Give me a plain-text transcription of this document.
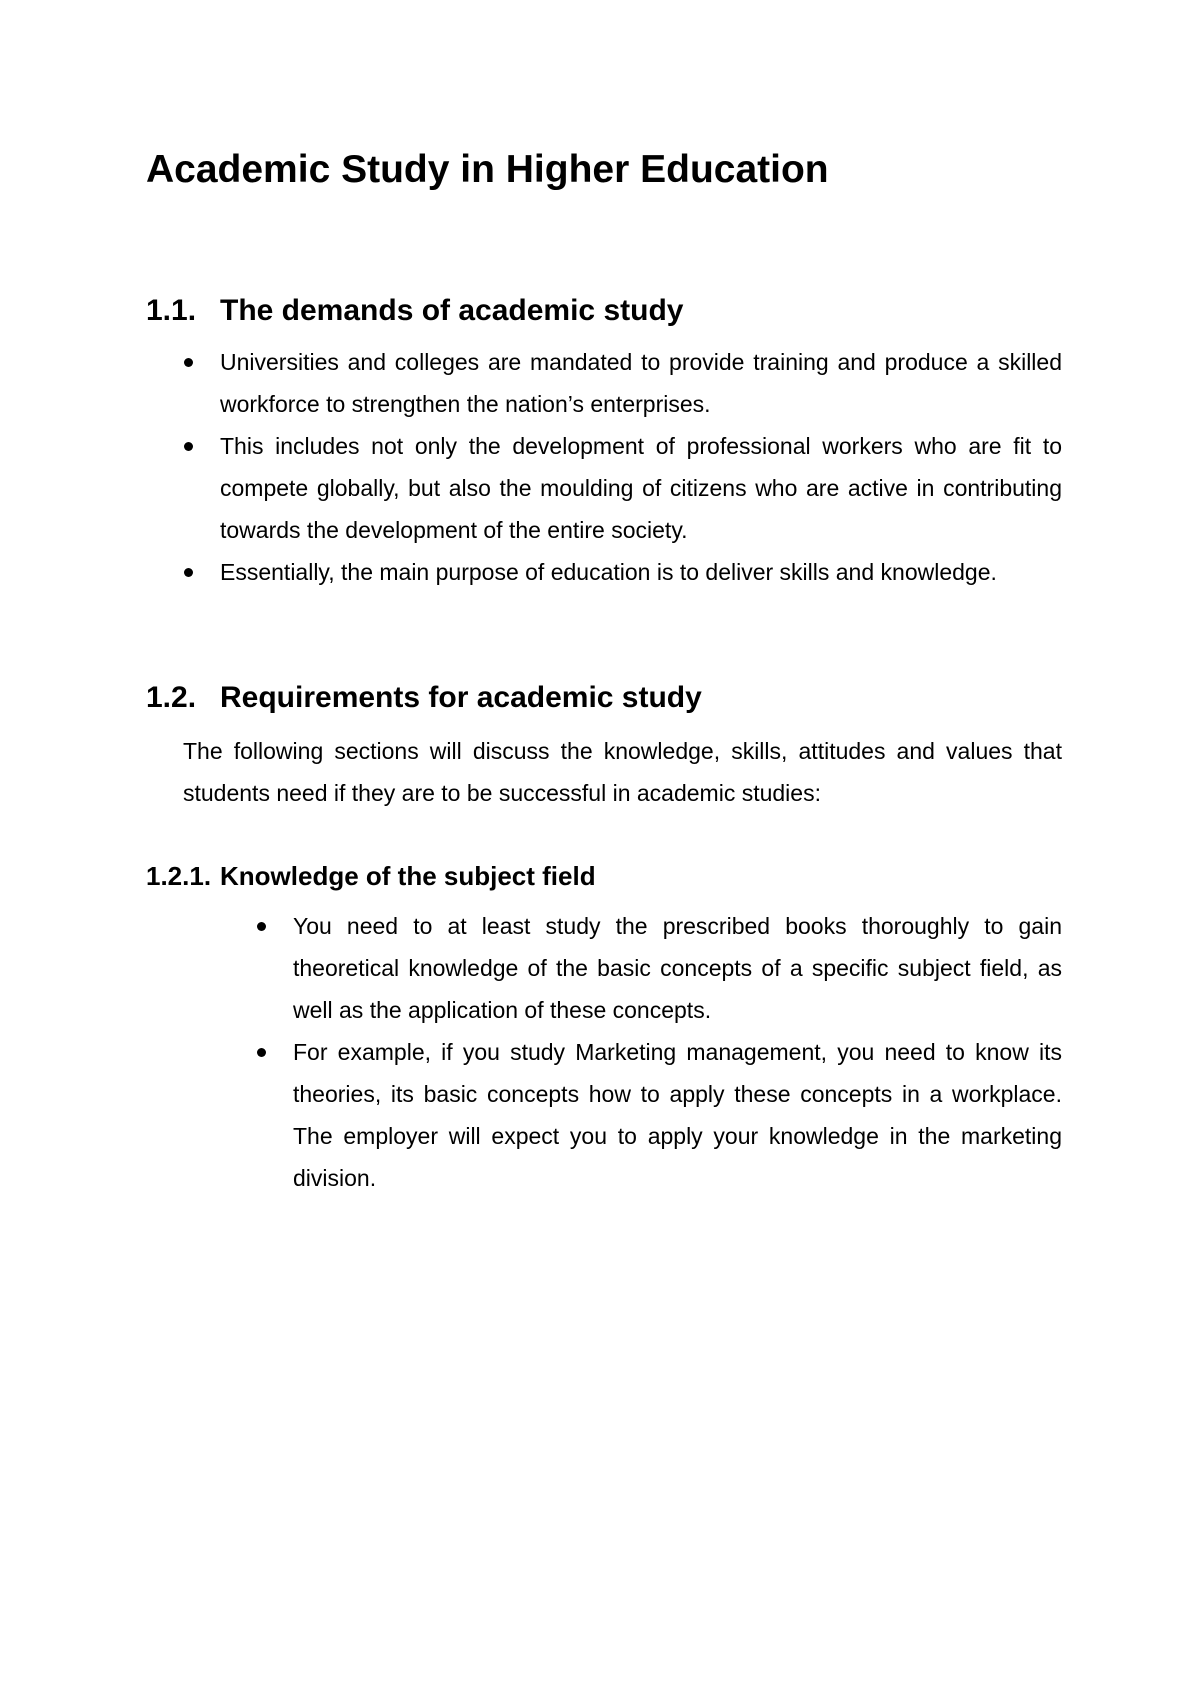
Academic Study in Higher Education
1.1. The demands of academic study
Universities and colleges are mandated to provide training and produce a skilled workforce to strengthen the nation’s enterprises.
This includes not only the development of professional workers who are fit to compete globally, but also the moulding of citizens who are active in contributing towards the development of the entire society.
Essentially, the main purpose of education is to deliver skills and knowledge.
1.2. Requirements for academic study

The following sections will discuss the knowledge, skills, attitudes and values that students need if they are to be successful in academic studies:

1.2.1. Knowledge of the subject field
You need to at least study the prescribed books thoroughly to gain theoretical knowledge of the basic concepts of a specific subject field, as well as the application of these concepts.
For example, if you study Marketing management, you need to know its theories, its basic concepts how to apply these concepts in a workplace. The employer will expect you to apply your knowledge in the marketing division.
